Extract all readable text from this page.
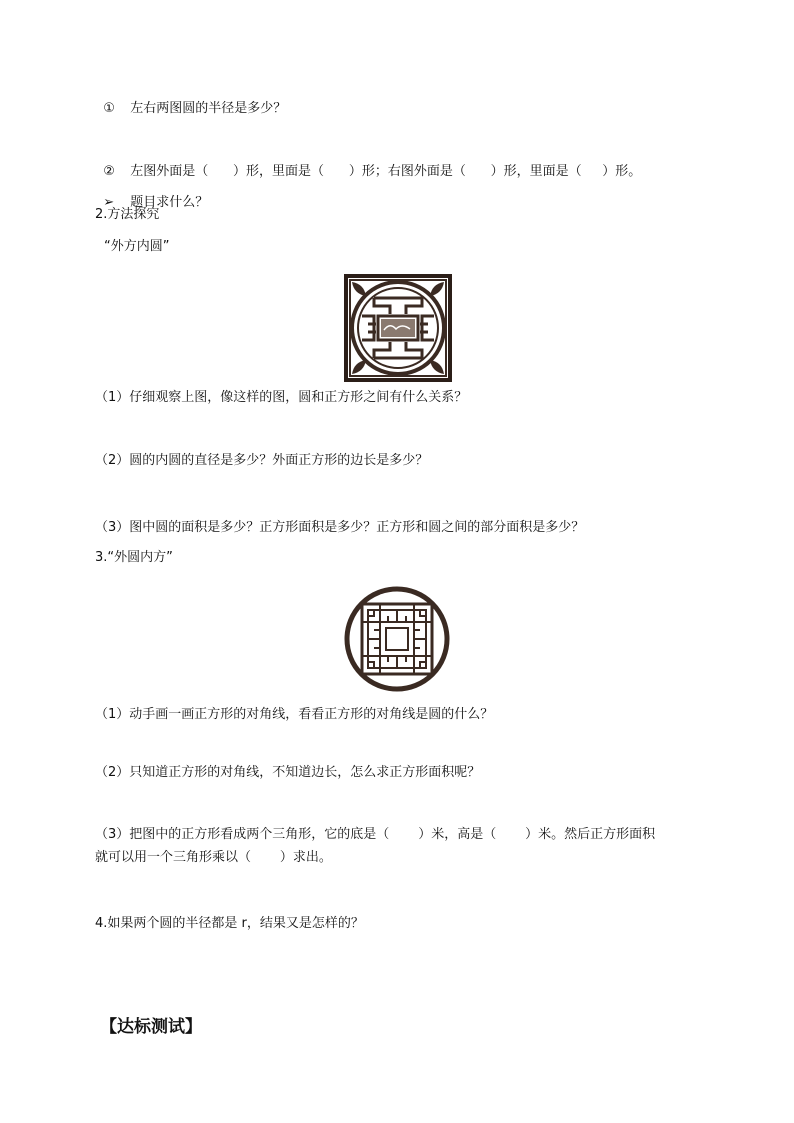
① 左右两图圆的半径是多少？

② 左图外面是（      ）形，里面是（      ）形；右图外面是（      ）形，里面是（     ）形。

➢ 题目求什么？

2.方法探究
“外方内圆”
（1）仔细观察上图，像这样的图，圆和正方形之间有什么关系？
（2）圆的内圆的直径是多少？外面正方形的边长是多少？
（3）图中圆的面积是多少？正方形面积是多少？正方形和圆之间的部分面积是多少？
3.“外圆内方”
（1）动手画一画正方形的对角线，看看正方形的对角线是圆的什么？
（2）只知道正方形的对角线，不知道边长，怎么求正方形面积呢？
（3）把图中的正方形看成两个三角形，它的底是（       ）米，高是（       ）米。然后正方形面积
就可以用一个三角形乘以（       ）求出。
4.如果两个圆的半径都是 r，结果又是怎样的？
【达标测试】
